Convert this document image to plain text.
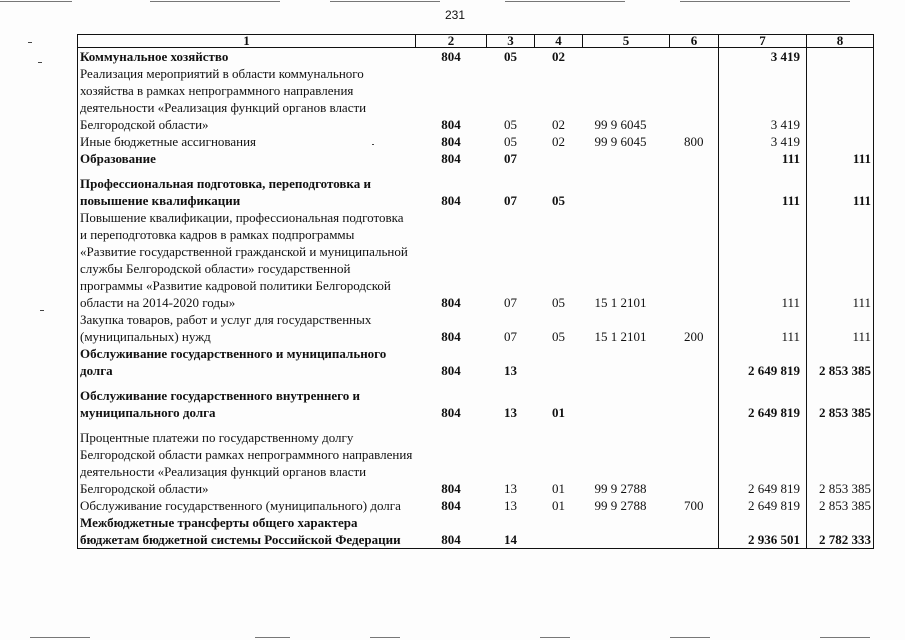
231
1	2	3	4	5	6	7	8
Коммунальное хозяйство	804	05	02			3 419	
Реализация мероприятий в области коммунального хозяйства в рамках непрограммного направления деятельности «Реализация функций органов власти Белгородской области»	804	05	02	99 9 6045		3 419	
Иные бюджетные ассигнования	804	05	02	99 9 6045	800	3 419	
Образование	804	07				111	111

Профессиональная подготовка, переподготовка и повышение квалификации	804	07	05			111	111
Повышение квалификации, профессиональная подготовка и переподготовка кадров в рамках подпрограммы «Развитие государственной гражданской и муниципальной службы Белгородской области» государственной программы «Развитие кадровой политики Белгородской области на 2014-2020 годы»	804	07	05	15 1 2101		111	111
Закупка товаров, работ и услуг для государственных (муниципальных) нужд	804	07	05	15 1 2101	200	111	111
Обслуживание государственного и муниципального долга	804	13				2 649 819	2 853 385

Обслуживание государственного внутреннего и муниципального долга	804	13	01			2 649 819	2 853 385

Процентные платежи по государственному долгу Белгородской области рамках непрограммного направления деятельности «Реализация функций органов власти Белгородской области»	804	13	01	99 9 2788		2 649 819	2 853 385
Обслуживание государственного (муниципального) долга	804	13	01	99 9 2788	700	2 649 819	2 853 385
Межбюджетные трансферты общего характера бюджетам бюджетной системы Российской Федерации	804	14				2 936 501	2 782 333
